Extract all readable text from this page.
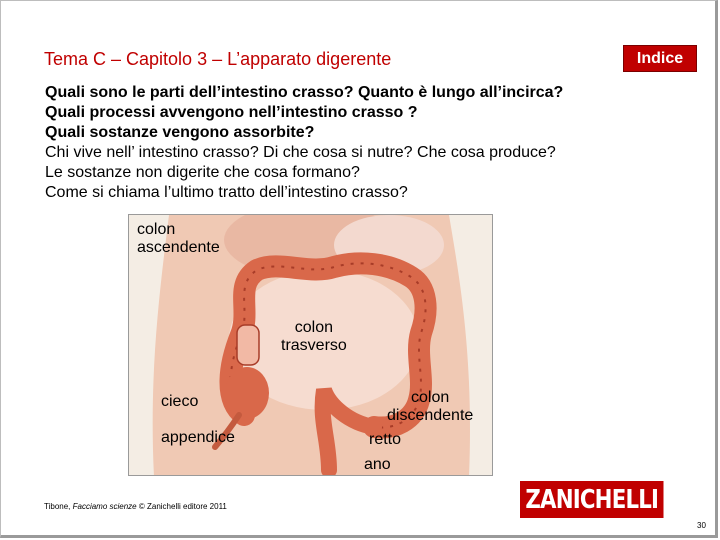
Tema C – Capitolo 3 – L’apparato digerente	Indice
Quali sono le parti dell’intestino crasso? Quanto è lungo all’incirca?
Quali processi avvengono nell’intestino crasso ?
Quali sostanze vengono assorbite?
Chi vive nell’ intestino crasso? Di che cosa si nutre? Che cosa produce?
Le sostanze non digerite che cosa formano?
Come si chiama l’ultimo tratto dell’intestino crasso?
colon
ascendente
colon
trasverso
cieco
appendice
colon
discendente
retto
ano
Tibone, Facciamo scienze © Zanichelli editore 2011	ZANICHELLI
30
